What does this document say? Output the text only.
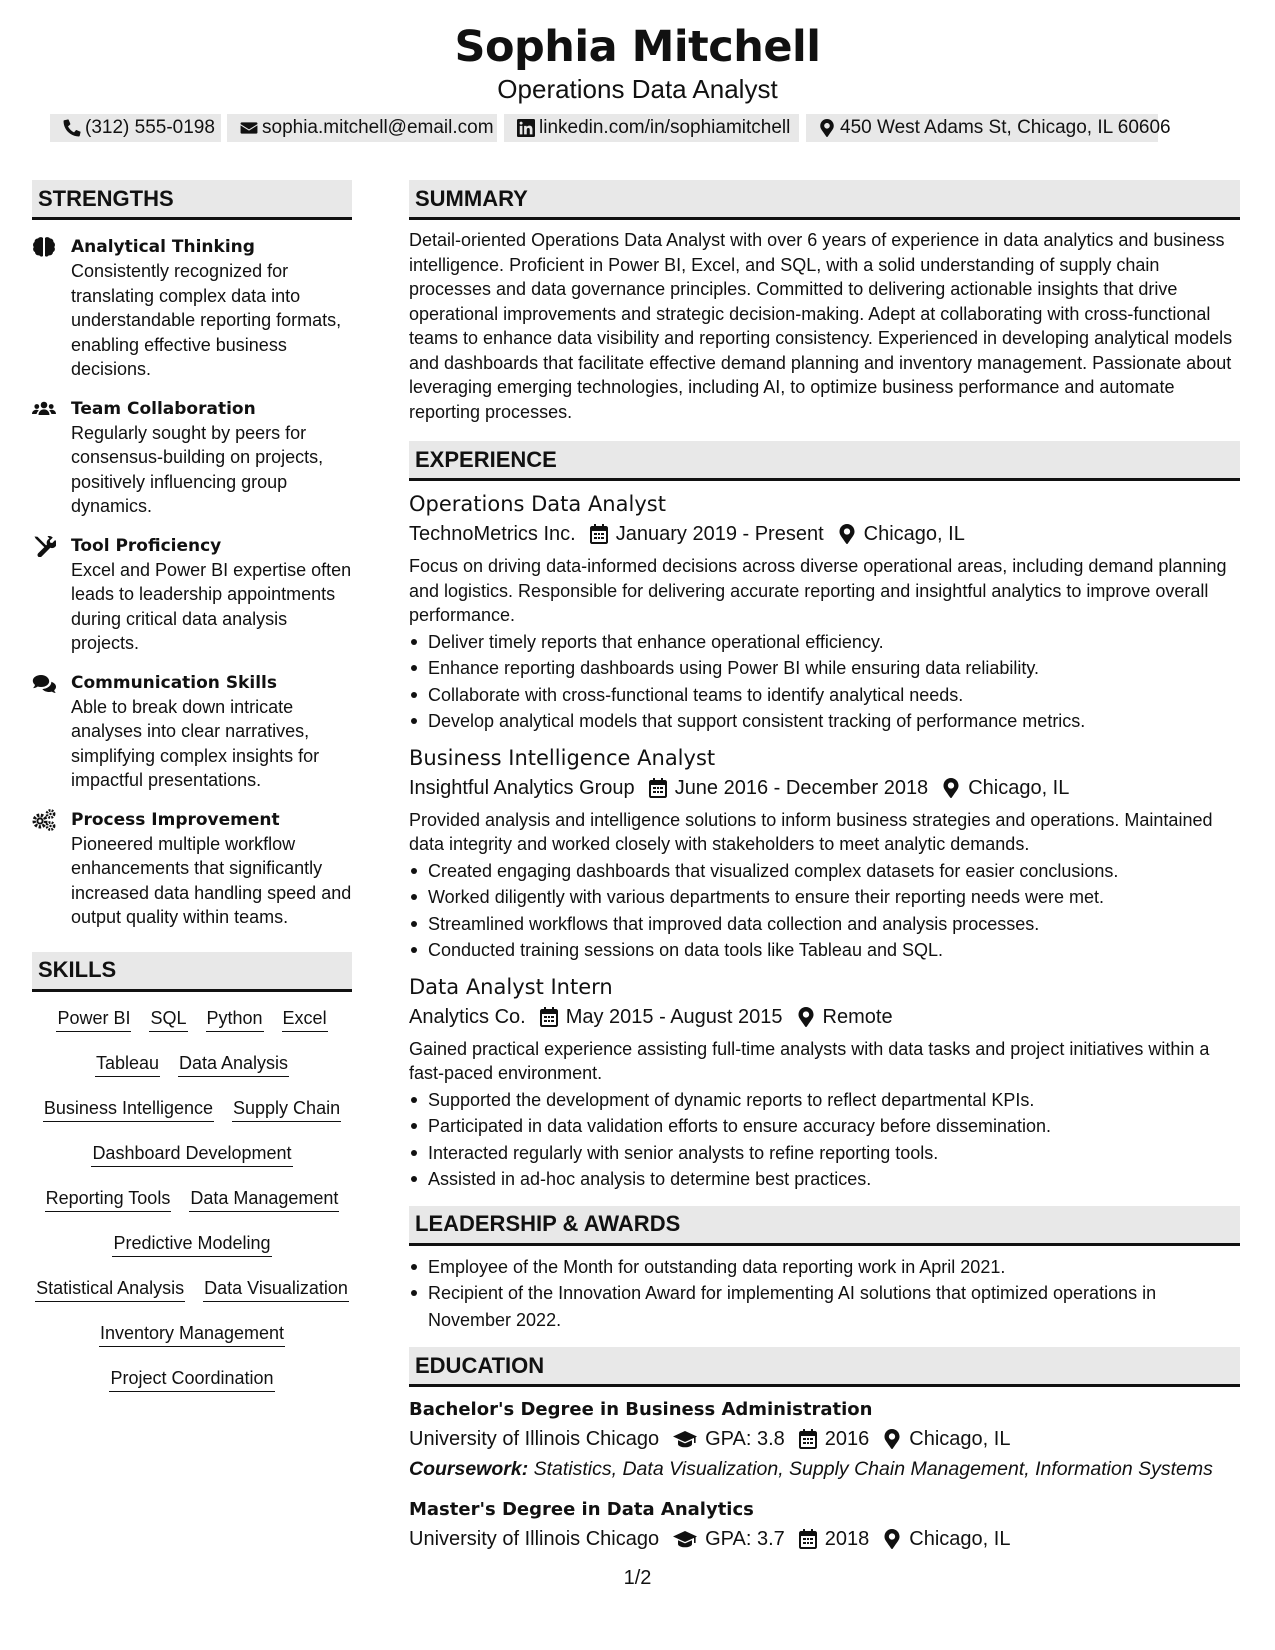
Sophia Mitchell
Operations Data Analyst
(312) 555-0198 sophia.mitchell@email.com linkedin.com/in/sophiamitchell	450 West Adams St, Chicago, IL 60606
STRENGTHS
Analytical Thinking
Consistently recognized for translating complex data into understandable reporting formats, enabling effective business decisions.
Team Collaboration
Regularly sought by peers for consensus-building on projects, positively influencing group dynamics.
Tool Proficiency
Excel and Power BI expertise often leads to leadership appointments during critical data analysis projects.
Communication Skills
Able to break down intricate analyses into clear narratives, simplifying complex insights for impactful presentations.
Process Improvement
Pioneered multiple workflow enhancements that significantly increased data handling speed and output quality within teams.
SKILLS
Power BI SQL Python Excel
Tableau Data Analysis
Business Intelligence Supply Chain
Dashboard Development
Reporting Tools Data Management
Predictive Modeling
Statistical Analysis Data Visualization
Inventory Management
Project Coordination
SUMMARY
Detail-oriented Operations Data Analyst with over 6 years of experience in data analytics and business intelligence. Proficient in Power BI, Excel, and SQL, with a solid understanding of supply chain processes and data governance principles. Committed to delivering actionable insights that drive operational improvements and strategic decision-making. Adept at collaborating with cross-functional teams to enhance data visibility and reporting consistency. Experienced in developing analytical models and dashboards that facilitate effective demand planning and inventory management. Passionate about leveraging emerging technologies, including AI, to optimize business performance and automate reporting processes.
EXPERIENCE
Operations Data Analyst
TechnoMetrics Inc. January 2019 - Present Chicago, IL
Focus on driving data-informed decisions across diverse operational areas, including demand planning and logistics. Responsible for delivering accurate reporting and insightful analytics to improve overall performance.
Deliver timely reports that enhance operational efficiency.
Enhance reporting dashboards using Power BI while ensuring data reliability.
Collaborate with cross-functional teams to identify analytical needs.
Develop analytical models that support consistent tracking of performance metrics.
Business Intelligence Analyst
Insightful Analytics Group June 2016 - December 2018 Chicago, IL
Provided analysis and intelligence solutions to inform business strategies and operations. Maintained data integrity and worked closely with stakeholders to meet analytic demands.
Created engaging dashboards that visualized complex datasets for easier conclusions.
Worked diligently with various departments to ensure their reporting needs were met.
Streamlined workflows that improved data collection and analysis processes.
Conducted training sessions on data tools like Tableau and SQL.
Data Analyst Intern
Analytics Co. May 2015 - August 2015 Remote
Gained practical experience assisting full-time analysts with data tasks and project initiatives within a fast-paced environment.
Supported the development of dynamic reports to reflect departmental KPIs.
Participated in data validation efforts to ensure accuracy before dissemination.
Interacted regularly with senior analysts to refine reporting tools.
Assisted in ad-hoc analysis to determine best practices.
LEADERSHIP & AWARDS
Employee of the Month for outstanding data reporting work in April 2021.
Recipient of the Innovation Award for implementing AI solutions that optimized operations in November 2022.
EDUCATION
Bachelor's Degree in Business Administration
University of Illinois Chicago GPA: 3.8 2016 Chicago, IL
Coursework: Statistics, Data Visualization, Supply Chain Management, Information Systems
Master's Degree in Data Analytics
University of Illinois Chicago GPA: 3.7 2018 Chicago, IL
1/2
